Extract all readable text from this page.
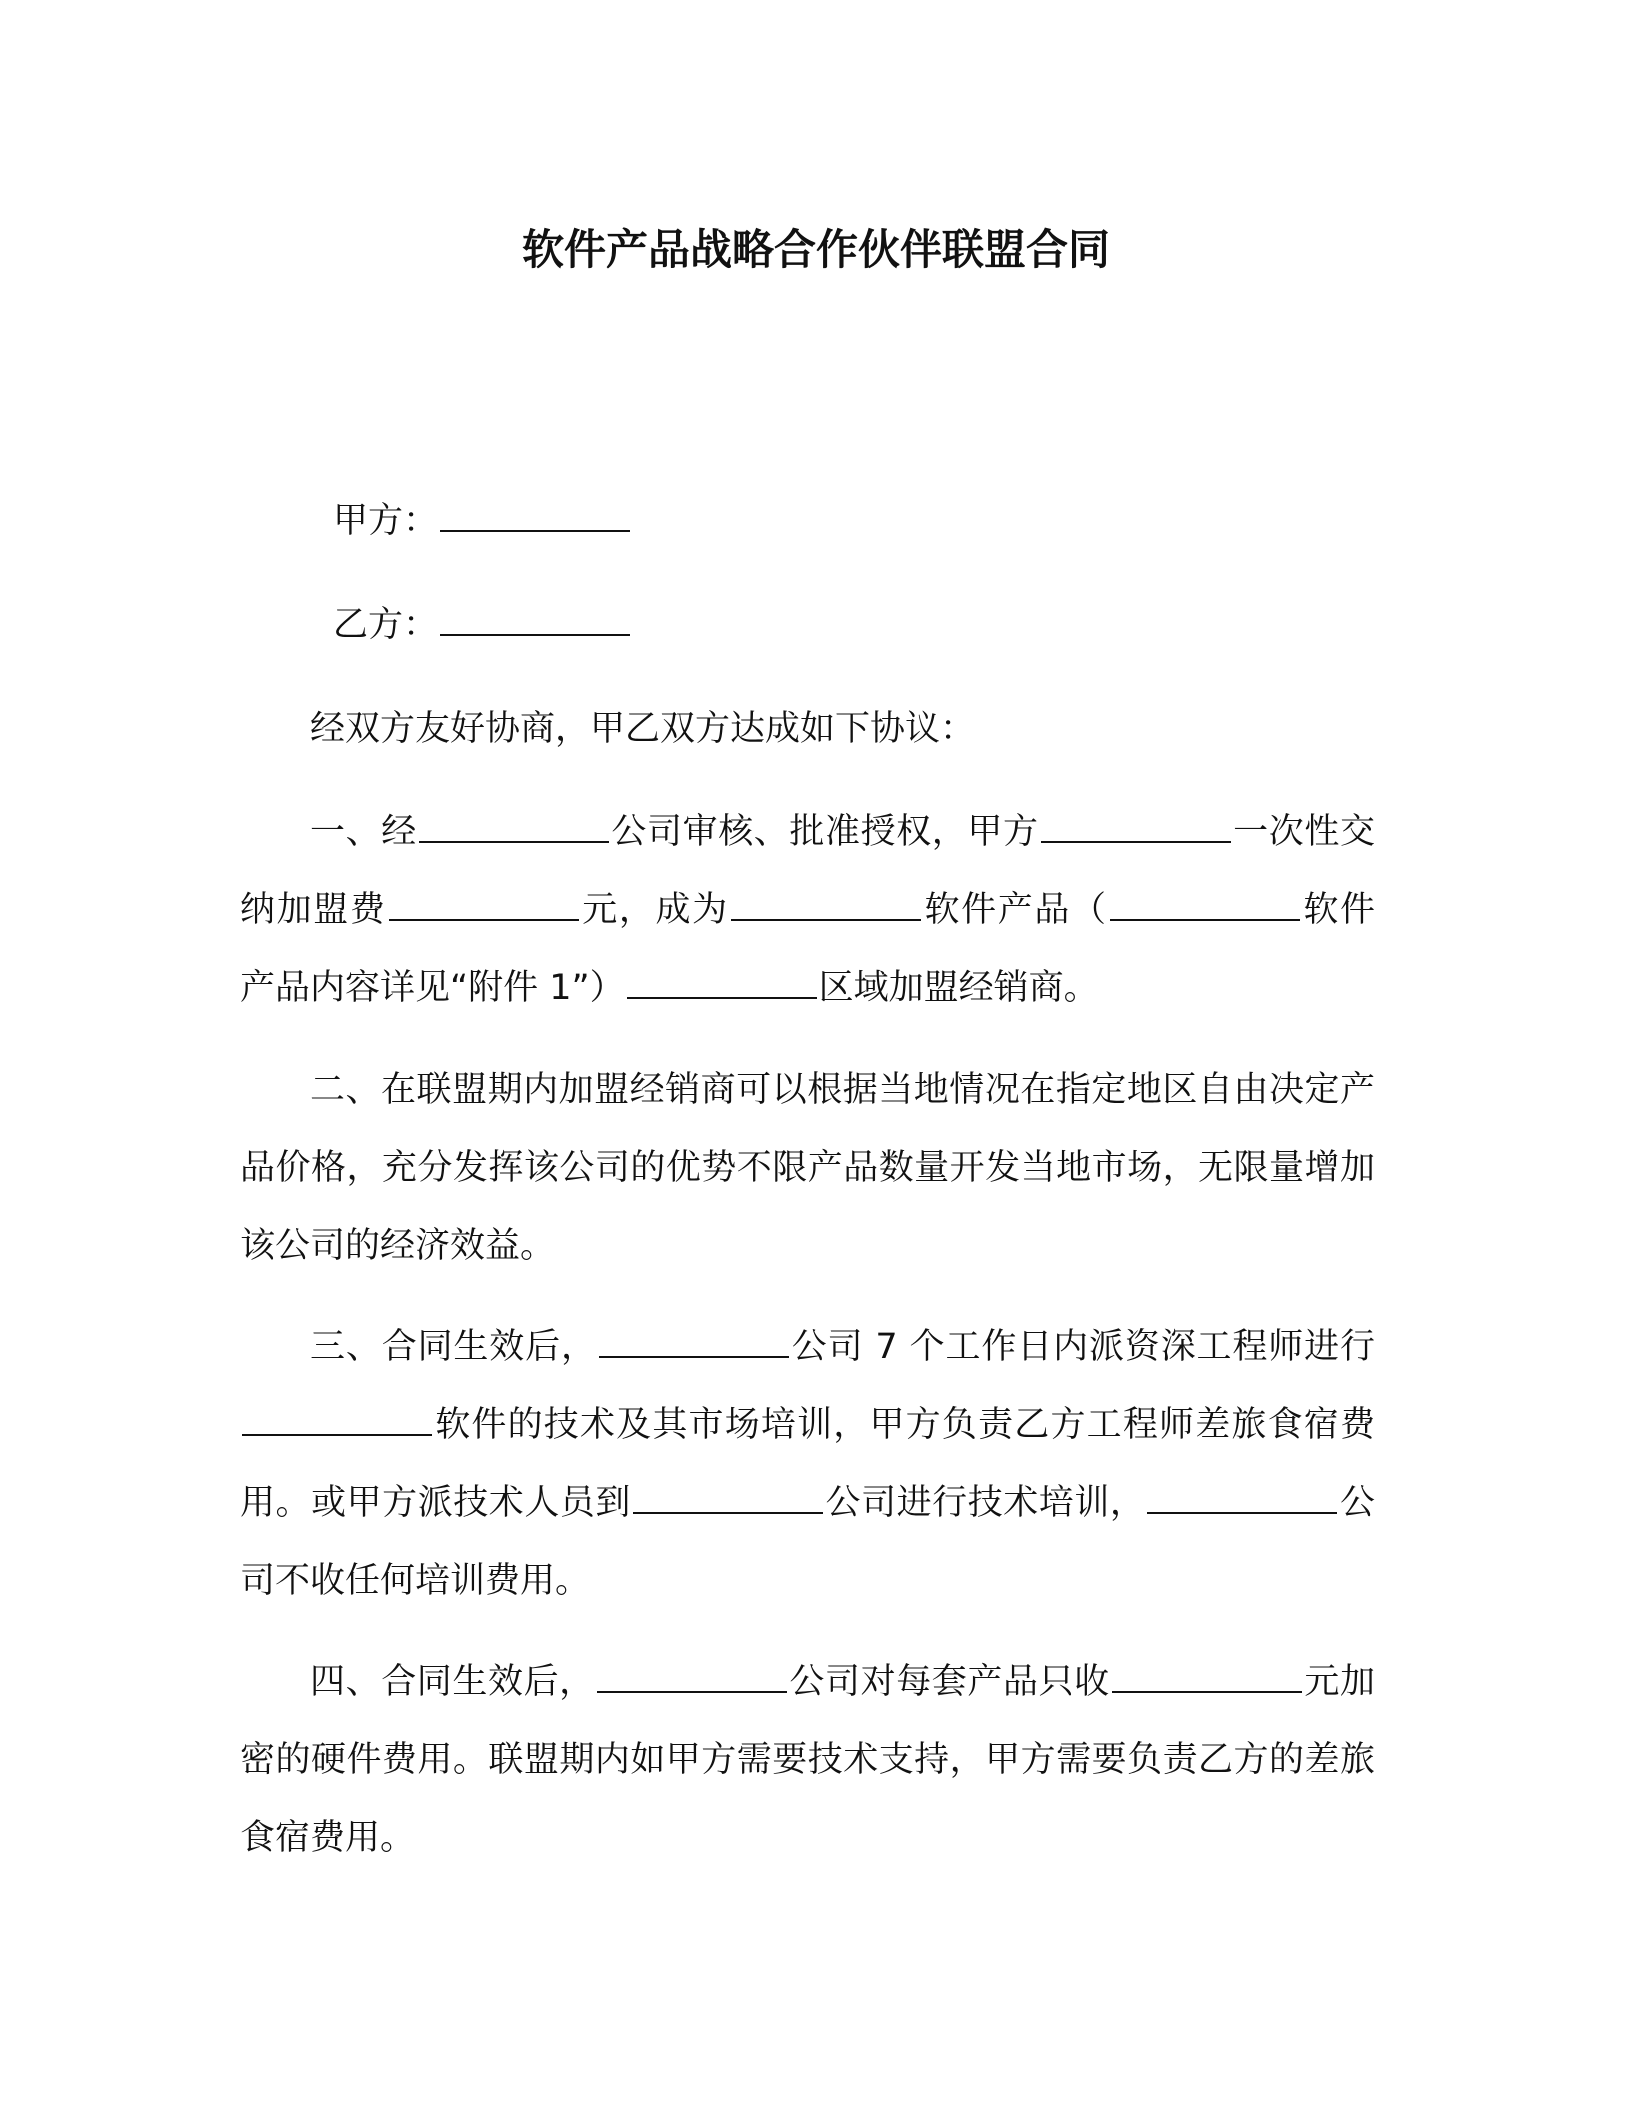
软件产品战略合作伙伴联盟合同
甲方：
乙方：

经双方友好协商，甲乙双方达成如下协议：

一、经	公司审核、批准授权，甲方	一次性交纳加盟费	元，成为	软件产品（	软件产品内容详见“附件 1”）	区域加盟经销商。

二、在联盟期内加盟经销商可以根据当地情况在指定地区自由决定产品价格，充分发挥该公司的优势不限产品数量开发当地市场，无限量增加该公司的经济效益。

三、合同生效后，	公司 7 个工作日内派资深工程师进行软件的技术及其市场培训，甲方负责乙方工程师差旅食宿费用。或甲方派技术人员到	公司进行技术培训，	公司不收任何培训费用。

四、合同生效后，	公司对每套产品只收	元加密的硬件费用。联盟期内如甲方需要技术支持，甲方需要负责乙方的差旅食宿费用。
